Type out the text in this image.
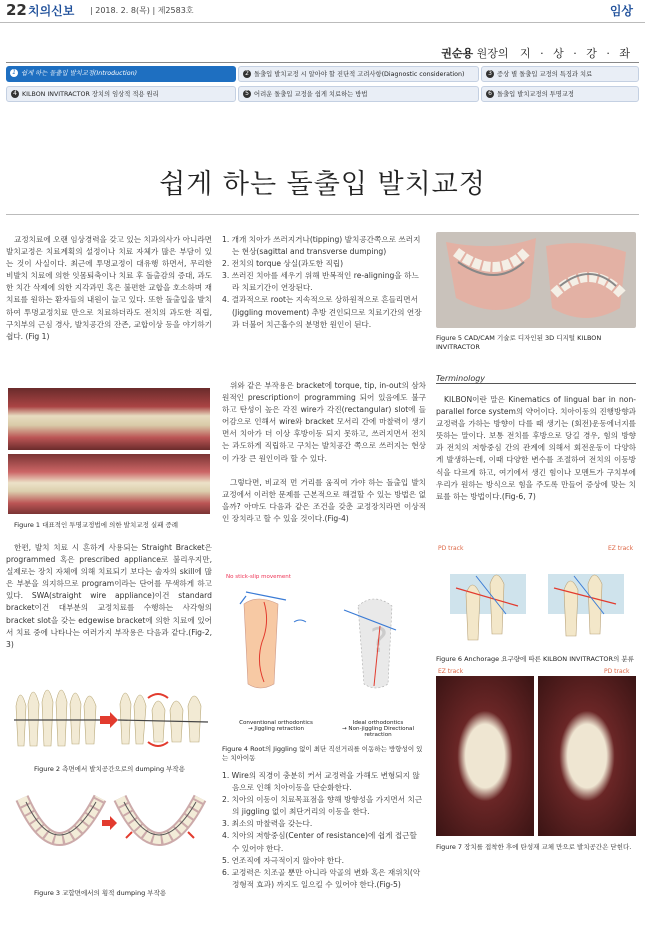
22 치의신보 | 2018. 2. 8(목) | 제2583호	임상
권순용 원장의 지 · 상 · 강 · 좌
1 쉽게 하는 돌출입 발치교정(Introduction)	2 돌출입 발치교정 시 알아야 할 진단적 고려사항(Diagnostic consideration)	3 증상 별 돌출입 교정의 특징과 치료
4 KILBON INVITRACTOR 장치의 임상적 적용 원리	5 어려운 돌출입 교정을 쉽게 치료하는 방법	6 돌출입 발치교정의 투명교정
쉽게 하는 돌출입 발치교정

교정치료에 오랜 임상경력을 갖고 있는 치과의사가 아니라면 발치교정은 치료계획의 설정이나 치료 자체가 많은 부담이 있는 것이 사실이다. 최근에 투명교정이 대유행 하면서, 무리한 비발치 치료에 의한 잇몸퇴축이나 치료 후 돌출감의 증대, 과도한 치간 삭제에 의한 지각과민 혹은 불편한 교합을 호소하며 재치료를 원하는 환자들의 내원이 늘고 있다. 또한 돌출입을 발치하여 투명교정치료 만으로 치료하더라도 전치의 과도한 직립, 구치부의 근심 경사, 발치공간의 잔존, 교합이상 등을 야기하기 쉽다. (Fig 1)

Figure 1 대표적인 투명교정법에 의한 발치교정 실패 증례

한편, 발치 치료 시 흔하게 사용되는 Straight Bracket은 programmed 혹은 prescribed appliance로 불리우지만, 실제로는 장치 자체에 의해 치료되기 보다는 술자의 skill에 많은 부분을 의지하므로 program이라는 단어를 무색하게 하고 있다. SWA(straight wire appliance)이건 standard bracket이건 대부분의 교정치료를 수행하는 사각형의 bracket slot을 갖는 edgewise bracket에 의한 치료에 있어서 치료 중에 나타나는 여러가지 부작용은 다음과 같다.(Fig-2, 3)

Figure 2 측면에서 발치공간으로의 dumping 부작용
Figure 3 교합면에서의 횡적 dumping 부작용
1. 개개 치아가 쓰러지거나(tipping) 발치공간쪽으로 쓰러지는 현상(sagittal and transverse dumping)
2. 전치의 torque 상실(과도한 직립)
3. 쓰러진 치아를 세우기 위해 반복적인 re-aligning을 하느라 치료기간이 연장된다.
4. 결과적으로 root는 지속적으로 상하원적으로 흔들리면서(Jiggling movement) 추방 견인되므로 치료기간의 연장과 더불어 치근흡수의 분명한 원인이 된다.

위와 같은 부작용은 bracket에 torque, tip, in-out의 삼차원적인 prescription이 programming 되어 있음에도 불구하고 탄성이 높은 각진 wire가 각진(rectangular) slot에 들어감으로 인해서 wire와 bracket 모서리 간에 마찰력이 생기면서 치아가 더 이상 후방이동 되지 못하고, 쓰러지면서 전치는 과도하게 직립하고 구치는 발치공간 쪽으로 쓰러지는 현상이 가장 큰 원인이라 할 수 있다.

그렇다면, 비교적 먼 거리를 움직여 가야 하는 돌출입 발치교정에서 이러한 문제를 근본적으로 해결할 수 있는 방법은 없을까? 아마도 다음과 같은 조건을 갖춘 교정장치라면 이상적인 장치라고 할 수 있을 것이다.(Fig-4)

No stick-slip movement
?
Conventional orthodontics
→ Jiggling retraction
Ideal orthodontics
→ Non-jiggling Directional retraction
Figure 4 Root의 Jiggling 없이 최단 직선거리를 이동하는 방향성이 있는 치아이동
1. Wire의 직경이 충분히 커서 교정력을 가해도 변형되지 않음으로 인해 치아이동을 단순화한다.
2. 치아의 이동이 치료목표점을 향해 방향성을 가지면서 치근의 jiggling 없이 최단거리의 이동을 한다.
3. 최소의 마찰력을 갖는다.
4. 치아의 저항중심(Center of resistance)에 쉽게 접근할 수 있어야 한다.
5. 연조직에 자극적이지 않아야 한다.
6. 교정력은 치조골 뿐만 아니라 악골의 변화 혹은 재위치(악정형적 효과) 까지도 일으킬 수 있어야 한다.(Fig-5)
Figure 5 CAD/CAM 기술로 디자인된 3D 디지털 KILBON INVITRACTOR
Terminology

KILBON이란 말은 Kinematics of lingual bar in non-parallel force system의 약어이다. 치아이동의 진행방향과 교정력을 가하는 방향이 다를 때 생기는 (회전)운동에너지를 뜻하는 말이다. 보통 전치를 후방으로 당길 경우, 힘의 방향과 전치의 저항중심 간의 관계에 의해서 회전운동이 다양하게 발생하는데, 이때 다양한 변수를 조절하여 전치의 이동방식을 다르게 하고, 여기에서 생긴 힘이나 모멘트가 구치부에 우리가 원하는 방식으로 힘을 주도록 만들어 증상에 맞는 치료를 하는 방법이다.(Fig-6, 7)

PD track	EZ track
Figure 6 Anchorage 요구량에 따른 KILBON INVITRACTOR의 분류
EZ track	PD track
Figure 7 장치를 접착한 후에 탄성재 교체 만으로 발치공간은 닫힌다.
